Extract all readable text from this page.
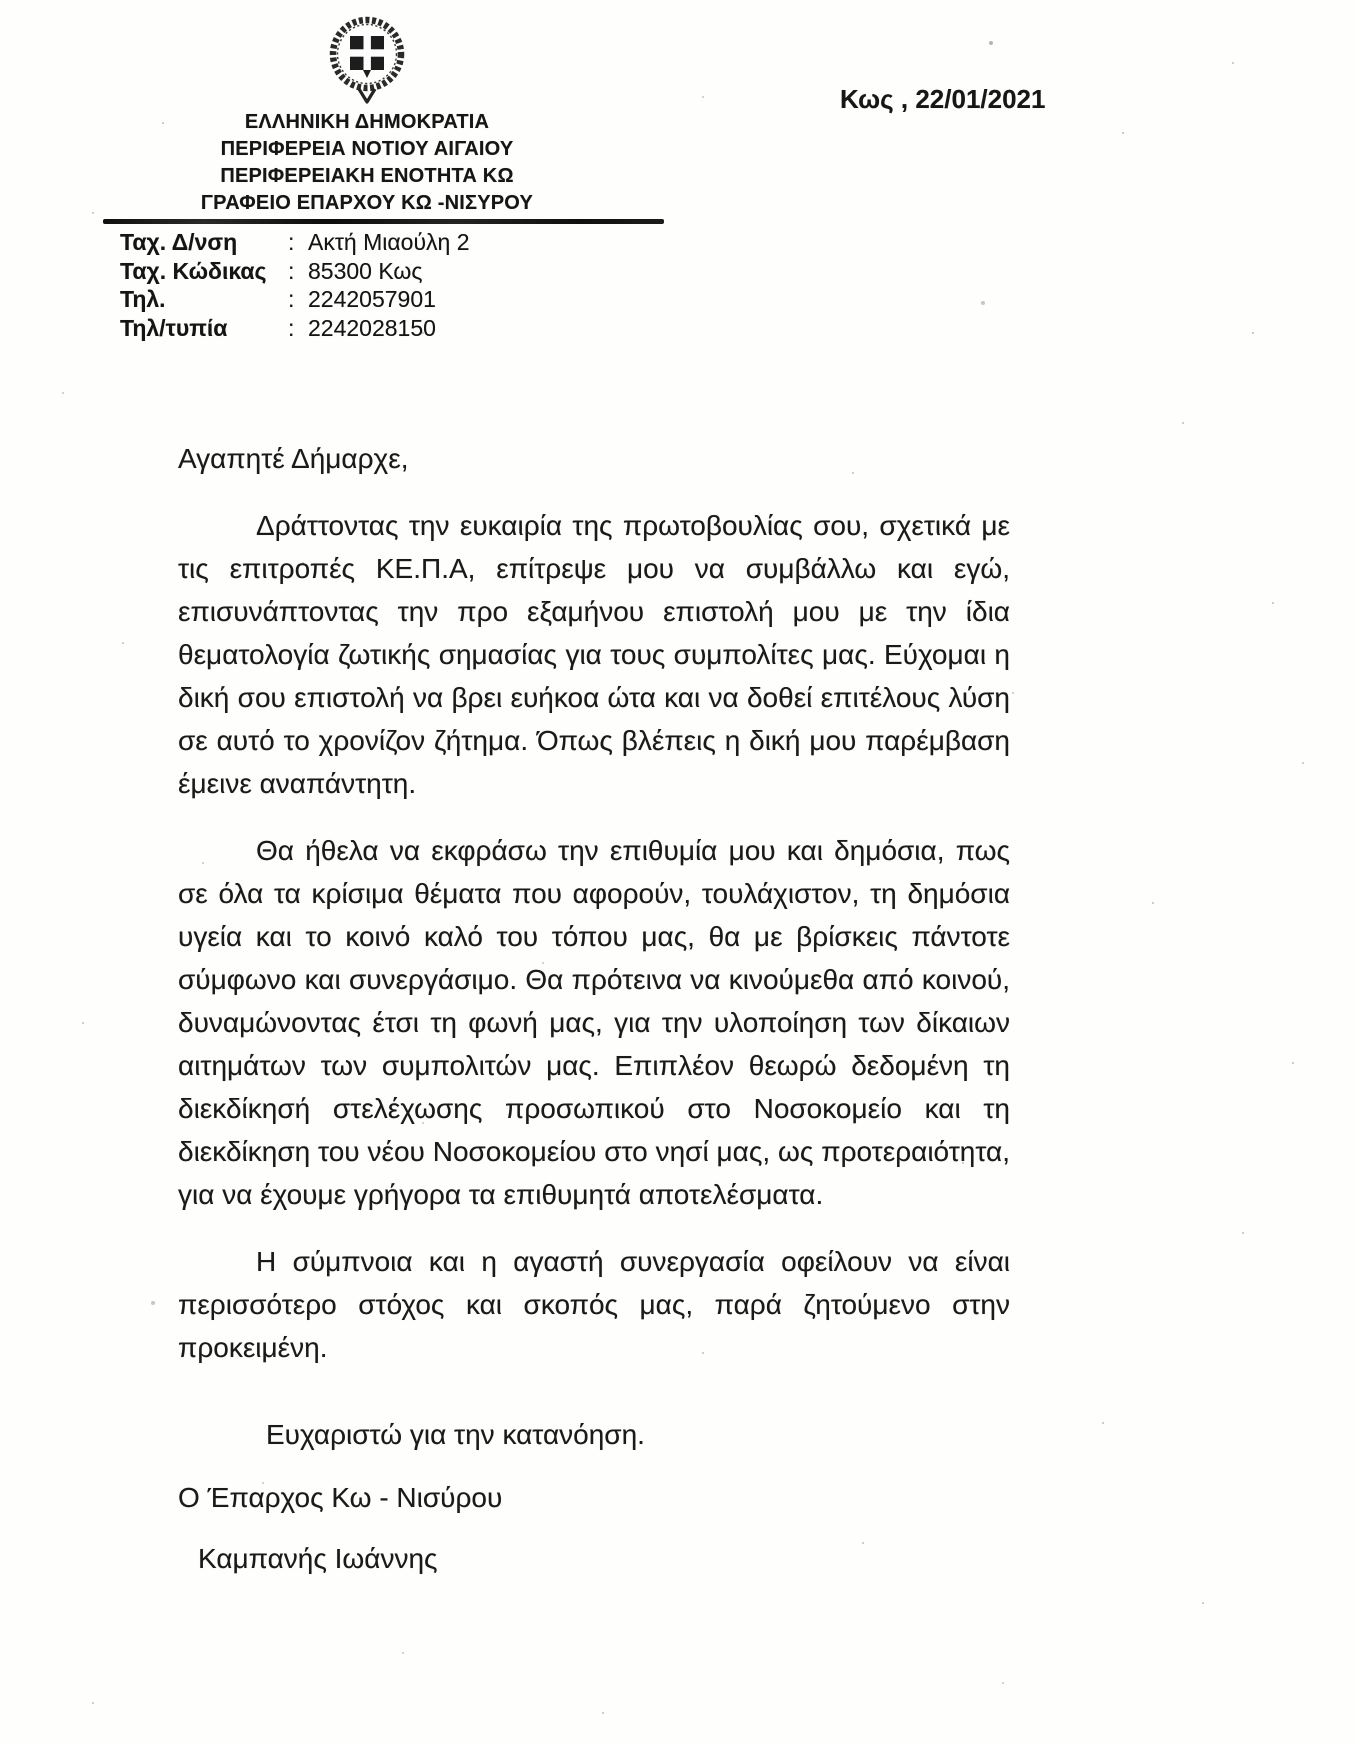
ΕΛΛΗΝΙΚΗ ΔΗΜΟΚΡΑΤΙΑ
ΠΕΡΙΦΕΡΕΙΑ ΝΟΤΙΟΥ ΑΙΓΑΙΟΥ
ΠΕΡΙΦΕΡΕΙΑΚΗ ΕΝΟΤΗΤΑ ΚΩ
ΓΡΑΦΕΙΟ ΕΠΑΡΧΟΥ ΚΩ -ΝΙΣΥΡΟΥ
Κως , 22/01/2021
Ταχ. Δ/νση	: Ακτή Μιαούλη 2
Ταχ. Κώδικας : 85300 Κως
Τηλ.	: 2242057901
Τηλ/τυπία	: 2242028150

Αγαπητέ Δήμαρχε,

Δράττοντας την ευκαιρία της πρωτοβουλίας σου, σχετικά με τις επιτροπές ΚΕ.Π.Α, επίτρεψε μου να συμβάλλω και εγώ, επισυνάπτοντας την προ εξαμήνου επιστολή μου με την ίδια θεματολογία ζωτικής σημασίας για τους συμπολίτες μας. Εύχομαι η δική σου επιστολή να βρει ευήκοα ώτα και να δοθεί επιτέλους λύση σε αυτό το χρονίζον ζήτημα. Όπως βλέπεις η δική μου παρέμβαση έμεινε αναπάντητη.

Θα ήθελα να εκφράσω την επιθυμία μου και δημόσια, πως σε όλα τα κρίσιμα θέματα που αφορούν, τουλάχιστον, τη δημόσια υγεία και το κοινό καλό του τόπου μας, θα με βρίσκεις πάντοτε σύμφωνο και συνεργάσιμο. Θα πρότεινα να κινούμεθα από κοινού, δυναμώνοντας έτσι τη φωνή μας, για την υλοποίηση των δίκαιων αιτημάτων των συμπολιτών μας. Επιπλέον θεωρώ δεδομένη τη διεκδίκησή στελέχωσης προσωπικού στο Νοσοκομείο και τη διεκδίκηση του νέου Νοσοκομείου στο νησί μας, ως προτεραιότητα, για να έχουμε γρήγορα τα επιθυμητά αποτελέσματα.

Η σύμπνοια και η αγαστή συνεργασία οφείλουν να είναι περισσότερο στόχος και σκοπός μας, παρά ζητούμενο στην προκειμένη.

Ευχαριστώ για την κατανόηση.

Ο Έπαρχος Κω - Νισύρου

Καμπανής Ιωάννης
